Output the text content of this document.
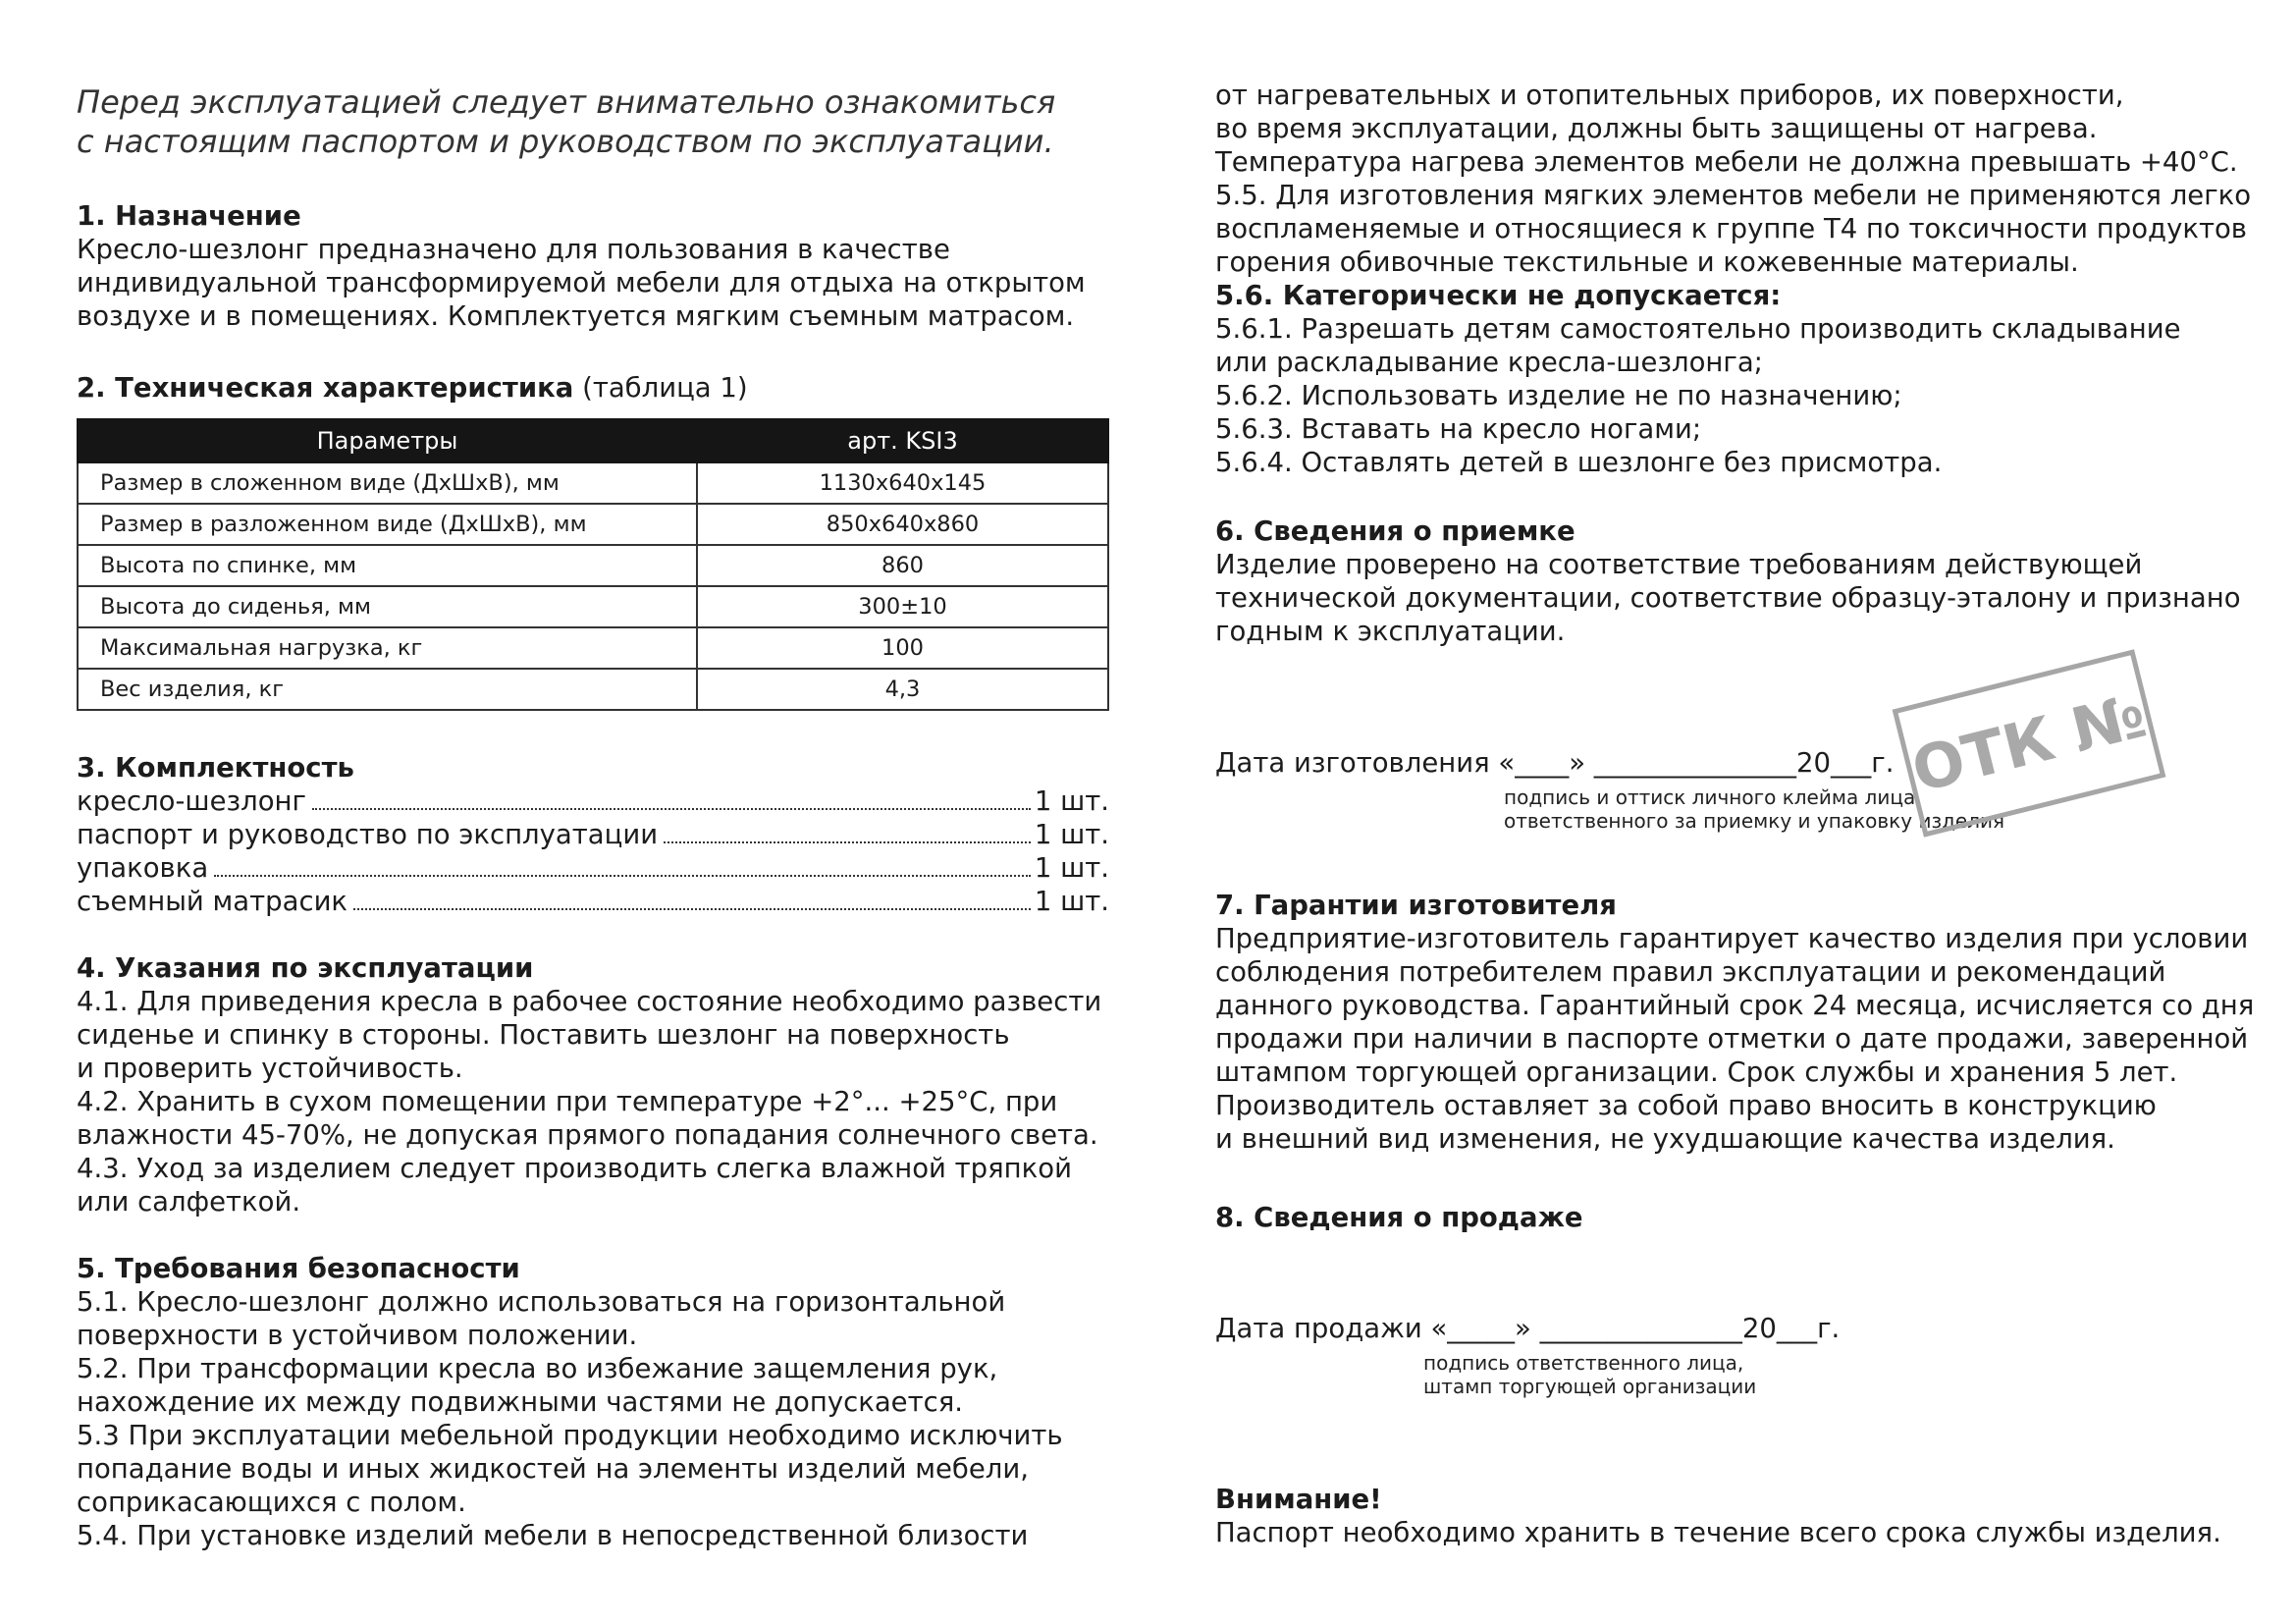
Перед эксплуатацией следует внимательно ознакомиться
с настоящим паспортом и руководством по эксплуатации.
1. Назначение
Кресло-шезлонг предназначено для пользования в качестве
индивидуальной трансформируемой мебели для отдыха на открытом
воздухе и в помещениях. Комплектуется мягким съемным матрасом.
2. Техническая характеристика (таблица 1)
Параметры	арт. KSI3
Размер в сложенном виде (ДхШхВ), мм	1130х640х145
Размер в разложенном виде (ДхШхВ), мм	850х640х860
Высота по спинке, мм	860
Высота до сиденья, мм	300±10
Максимальная нагрузка, кг	100
Вес изделия, кг	4,3
3. Комплектность
кресло-шезлонг	1 шт.
паспорт и руководство по эксплуатации	1 шт.
упаковка	1 шт.
съемный матрасик	1 шт.
4. Указания по эксплуатации
4.1. Для приведения кресла в рабочее состояние необходимо развести
сиденье и спинку в стороны. Поставить шезлонг на поверхность
и проверить устойчивость.
4.2. Хранить в сухом помещении при температуре +2°... +25°С, при
влажности 45-70%, не допуская прямого попадания солнечного света.
4.3. Уход за изделием следует производить слегка влажной тряпкой
или салфеткой.
5. Требования безопасности
5.1. Кресло-шезлонг должно использоваться на горизонтальной
поверхности в устойчивом положении.
5.2. При трансформации кресла во избежание защемления рук,
нахождение их между подвижными частями не допускается.
5.3 При эксплуатации мебельной продукции необходимо исключить
попадание воды и иных жидкостей на элементы изделий мебели,
соприкасающихся с полом.
5.4. При установке изделий мебели в непосредственной близости
от нагревательных и отопительных приборов, их поверхности,
во время эксплуатации, должны быть защищены от нагрева.
Температура нагрева элементов мебели не должна превышать +40°С.
5.5. Для изготовления мягких элементов мебели не применяются легко
воспламеняемые и относящиеся к группе Т4 по токсичности продуктов
горения обивочные текстильные и кожевенные материалы.
5.6. Категорически не допускается:
5.6.1. Разрешать детям самостоятельно производить складывание
или раскладывание кресла-шезлонга;
5.6.2. Использовать изделие не по назначению;
5.6.3. Вставать на кресло ногами;
5.6.4. Оставлять детей в шезлонге без присмотра.
6. Сведения о приемке
Изделие проверено на соответствие требованиям действующей
технической документации, соответствие образцу-эталону и признано
годным к эксплуатации.
Дата изготовления «____» _______________20___г.
подпись и оттиск личного клейма лица,
ответственного за приемку и упаковку изделия
7. Гарантии изготовителя
Предприятие-изготовитель гарантирует качество изделия при условии
соблюдения потребителем правил эксплуатации и рекомендаций
данного руководства. Гарантийный срок 24 месяца, исчисляется со дня
продажи при наличии в паспорте отметки о дате продажи, заверенной
штампом торгующей организации. Срок службы и хранения 5 лет.
Производитель оставляет за собой право вносить в конструкцию
и внешний вид изменения, не ухудшающие качества изделия.
8. Сведения о продаже
Дата продажи «_____» _______________20___г.
подпись ответственного лица,
штамп торгующей организации
Внимание!
Паспорт необходимо хранить в течение всего срока службы изделия.
ОТК №
